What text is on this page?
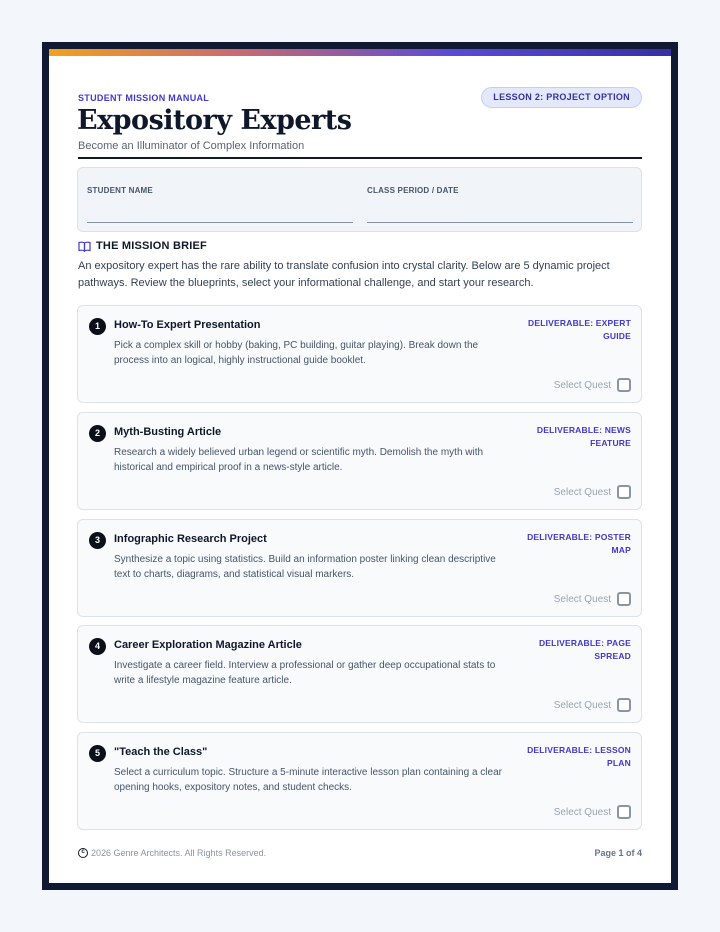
STUDENT MISSION MANUAL	LESSON 2: PROJECT OPTION
Expository Experts
Become an Illuminator of Complex Information
STUDENT NAME	CLASS PERIOD / DATE
THE MISSION BRIEF
An expository expert has the rare ability to translate confusion into crystal clarity. Below are 5 dynamic project pathways. Review the blueprints, select your informational challenge, and start your research.
1	How-To Expert Presentation
Pick a complex skill or hobby (baking, PC building, guitar playing). Break down the process into an logical, highly instructional guide booklet.
DELIVERABLE: EXPERT GUIDE
Select Quest
2	Myth-Busting Article
Research a widely believed urban legend or scientific myth. Demolish the myth with historical and empirical proof in a news-style article.
DELIVERABLE: NEWS FEATURE
Select Quest
3	Infographic Research Project
Synthesize a topic using statistics. Build an information poster linking clean descriptive text to charts, diagrams, and statistical visual markers.
DELIVERABLE: POSTER MAP
Select Quest
4	Career Exploration Magazine Article
Investigate a career field. Interview a professional or gather deep occupational stats to write a lifestyle magazine feature article.
DELIVERABLE: PAGE SPREAD
Select Quest
5	"Teach the Class"
Select a curriculum topic. Structure a 5-minute interactive lesson plan containing a clear opening hooks, expository notes, and student checks.
DELIVERABLE: LESSON PLAN
Select Quest
c 2026 Genre Architects. All Rights Reserved.	Page 1 of 4
